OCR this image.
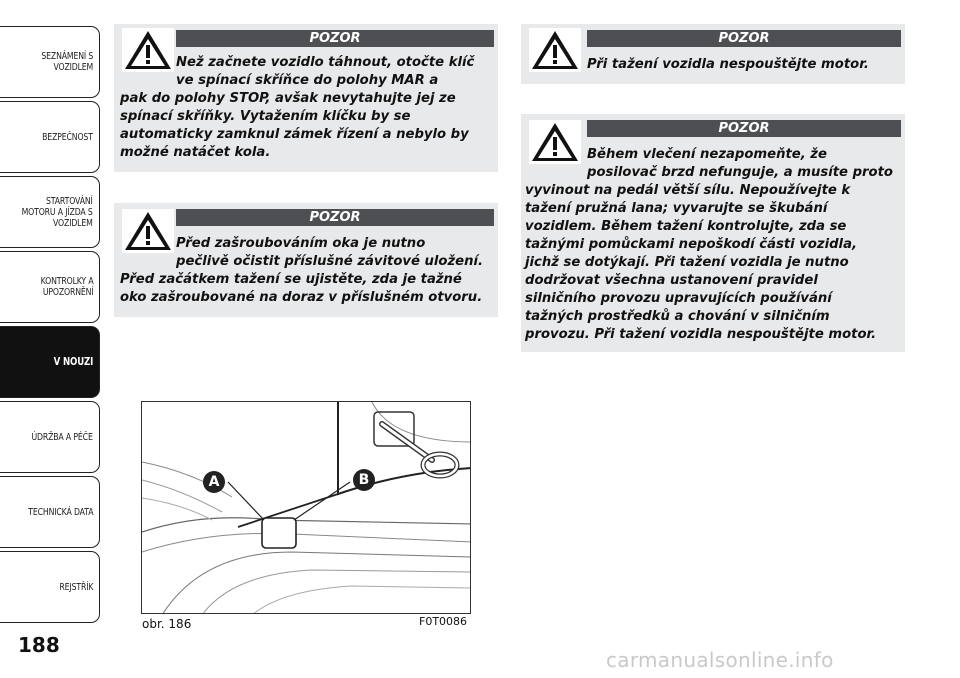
SEZNÁMENÍ S
VOZIDLEM
BEZPEČNOST
STARTOVÁNÍ
MOTORU A JÍZDA S
VOZIDLEM
KONTROLKY A
UPOZORNĚNÍ
V NOUZI
ÚDRŽBA A PÉČE
TECHNICKÁ DATA
REJSTŘÍK
188
POZOR
Než začnete vozidlo táhnout, otočte klíč
ve spínací skříňce do polohy MAR a
pak do polohy STOP, avšak nevytahujte jej ze
spínací skříňky. Vytažením klíčku by se
automaticky zamknul zámek řízení a nebylo by
možné natáčet kola.
POZOR
Před zašroubováním oka je nutno
pečlivě očistit příslušné závitové uložení.
Před začátkem tažení se ujistěte, zda je tažné
oko zašroubované na doraz v příslušném otvoru.
POZOR
Při tažení vozidla nespouštějte motor.
POZOR
Během vlečení nezapomeňte, že
posilovač brzd nefunguje, a musíte proto
vyvinout na pedál větší sílu. Nepoužívejte k
tažení pružná lana; vyvarujte se škubání
vozidlem. Během tažení kontrolujte, zda se
tažnými pomůckami nepoškodí části vozidla,
jichž se dotýkají. Při tažení vozidla je nutno
dodržovat všechna ustanovení pravidel
silničního provozu upravujících používání
tažných prostředků a chování v silničním
provozu. Při tažení vozidla nespouštějte motor.
A	B
obr. 186	F0T0086
carmanualsonline.info
